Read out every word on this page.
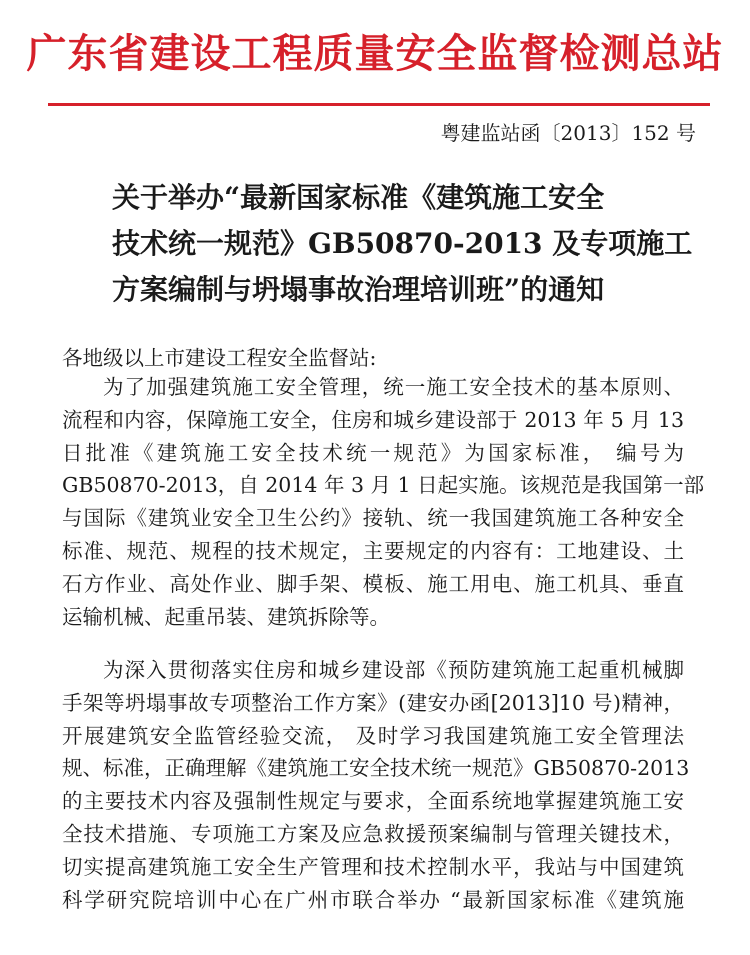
广东省建设工程质量安全监督检测总站
粤建监站函〔2013〕152 号
关于举办“最新国家标准《建筑施工安全
技术统一规范》GB50870-2013 及专项施工
方案编制与坍塌事故治理培训班”的通知
各地级以上市建设工程安全监督站:
为了加强建筑施工安全管理，统一施工安全技术的基本原则、
流程和内容，保障施工安全，住房和城乡建设部于 2013 年 5 月 13
日批准《建筑施工安全技术统一规范》为国家标准， 编号为
GB50870-2013，自 2014 年 3 月 1 日起实施。该规范是我国第一部
与国际《建筑业安全卫生公约》接轨、统一我国建筑施工各种安全
标准、规范、规程的技术规定，主要规定的内容有：工地建设、土
石方作业、高处作业、脚手架、模板、施工用电、施工机具、垂直
运输机械、起重吊装、建筑拆除等。
为深入贯彻落实住房和城乡建设部《预防建筑施工起重机械脚
手架等坍塌事故专项整治工作方案》(建安办函[2013]10 号)精神，
开展建筑安全监管经验交流， 及时学习我国建筑施工安全管理法
规、标准，正确理解《建筑施工安全技术统一规范》GB50870-2013
的主要技术内容及强制性规定与要求，全面系统地掌握建筑施工安
全技术措施、专项施工方案及应急救援预案编制与管理关键技术，
切实提高建筑施工安全生产管理和技术控制水平，我站与中国建筑
科学研究院培训中心在广州市联合举办 “最新国家标准《建筑施
